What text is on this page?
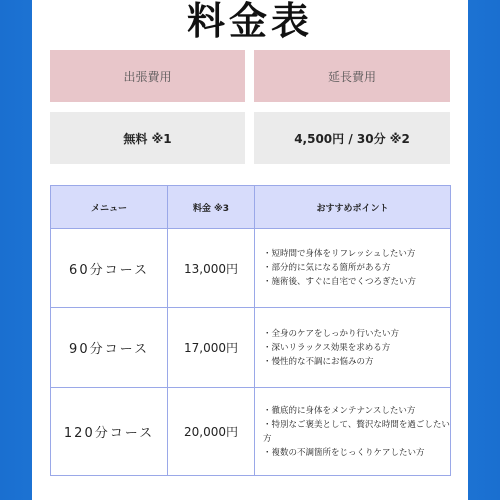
料金表
出張費用	延長費用
無料 ※1	4,500円 / 30分 ※2
メニュー	料金 ※3	おすすめポイント
60分コース	13,000円	・短時間で身体をリフレッシュしたい方
・部分的に気になる箇所がある方
・施術後、すぐに自宅でくつろぎたい方

90分コース	17,000円	・全身のケアをしっかり行いたい方
・深いリラックス効果を求める方
・慢性的な不調にお悩みの方

120分コース	20,000円	・徹底的に身体をメンテナンスしたい方
・特別なご褒美として、贅沢な時間を過ごしたい方
・複数の不調箇所をじっくりケアしたい方
